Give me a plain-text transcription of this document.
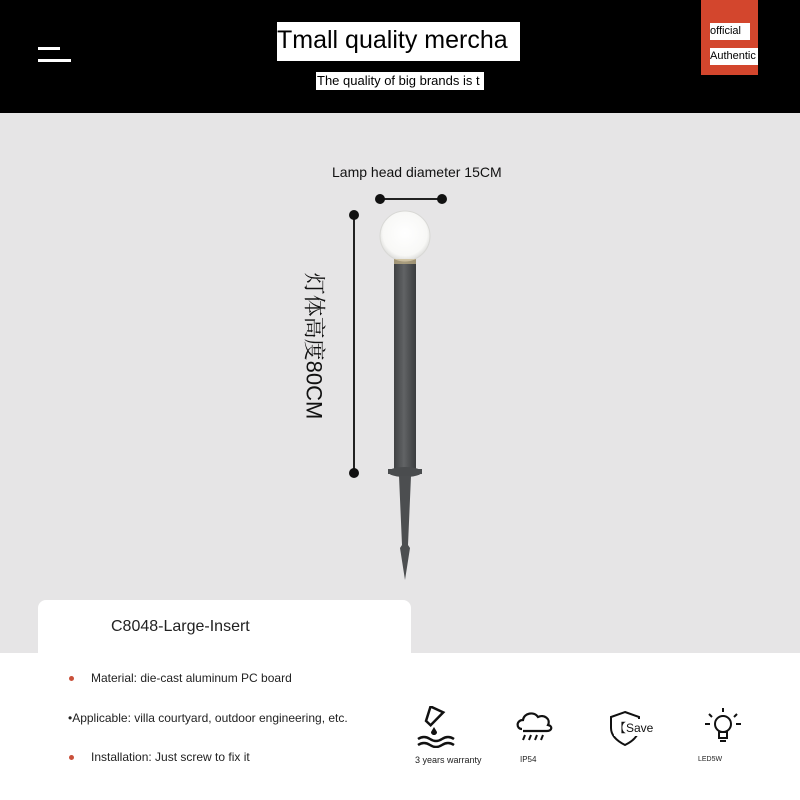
Tmall quality mercha
The quality of big brands is t
official
Authentic
Lamp head diameter 15CM
灯体高度80CM
C8048-Large-Insert
Material: die-cast aluminum PC board
•Applicable: villa courtyard, outdoor engineering, etc.
Installation: Just screw to fix it	3 years warranty	IP54
【Save
LED5W
